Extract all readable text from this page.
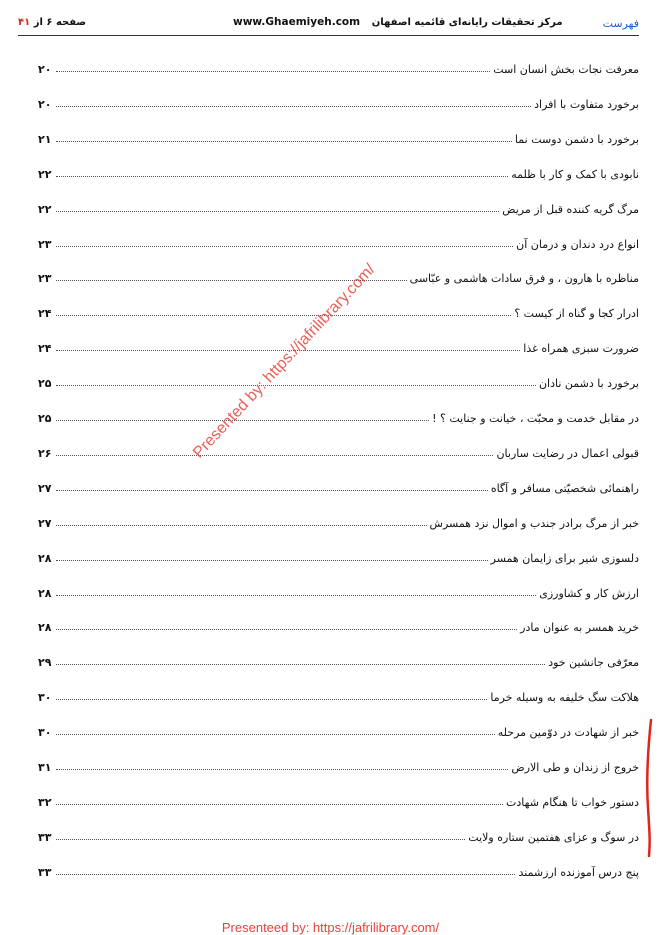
صفحه ۶ از ۴۱	www.Ghaemiyeh.com مرکز تحقیقات رایانه‌ای قائمیه اصفهان	فهرست
معرفت نجات بخش انسان است
۲۰
برخورد متفاوت با افراد
۲۰
برخورد با دشمن دوست نما
۲۱
نابودی با کمک و کار با ظلمه
۲۲
مرگ گریه کننده قبل از مریض
۲۲
انواع درد دندان و درمان آن
۲۳
مناظره با هارون ، و فرق سادات هاشمی و عبّاسی
۲۳
ادرار کجا و گناه از کیست ؟
۲۴
ضرورت سبزی همراه غذا
۲۴
برخورد با دشمن نادان
۲۵
در مقابل خدمت و محبّت ، خیانت و جنایت ؟ !
۲۵
قبولی اعمال در رضایت ساربان
۲۶
راهنمائی شخصیّتی مسافر و آگاه
۲۷
خبر از مرگ برادر جندب و اموال نزد همسرش
۲۷
دلسوزی شیر برای زایمان همسر
۲۸
ارزش کار و کشاورزی
۲۸
خرید همسر به عنوان مادر
۲۸
معرّفی جانشین خود
۲۹
هلاکت سگ خلیفه به وسیله خرما
۳۰
خبر از شهادت در دوّمین مرحله
۳۰
خروج از زندان و طی الارض
۳۱
دستور خواب تا هنگام شهادت
۳۲
در سوگ و عزای هفتمین ستاره ولایت
۳۳
پنج درس آموزنده ارزشمند
۳۳
Presented by: https://jafrilibrary.com/
Presenteed by: https://jafrilibrary.com/
